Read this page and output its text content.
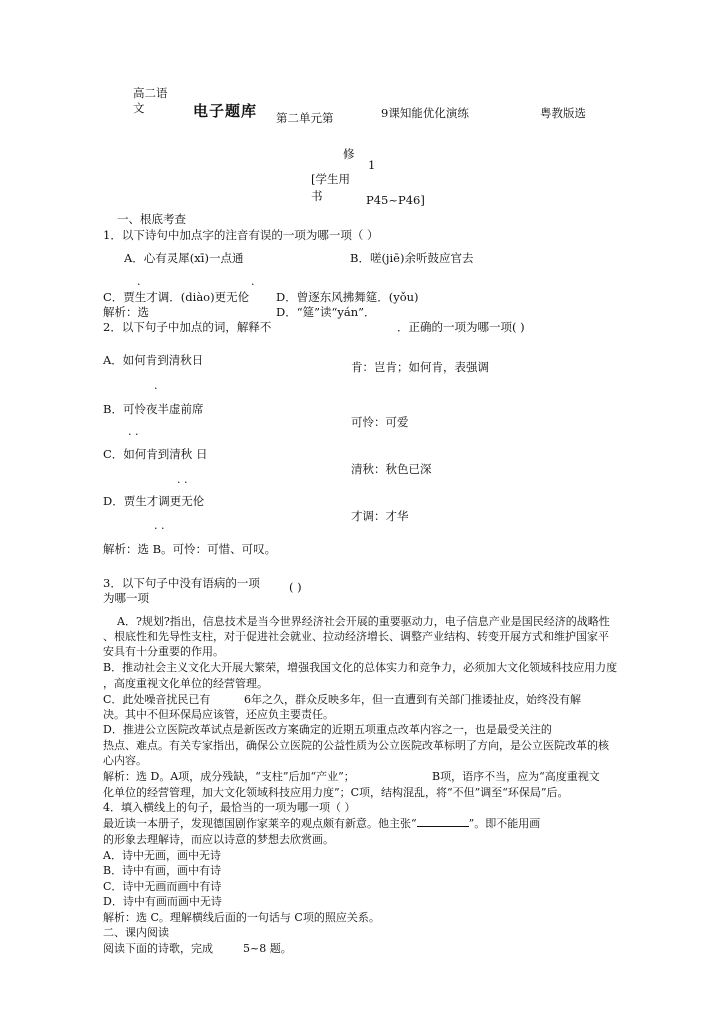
高二语
文	电子题库 第二单元第	9课知能优化演练	粤教版选
修
1
[学生用
书	P45~P46]
一、根底考查
1．以下诗句中加点字的注音有误的一项为哪一项（ ）
A．心有灵犀(xī)一点通	B．嗟(jiē)余听鼓应官去
.	.
C．贾生才调．(diào)更无伦 D．曾逐东风拂舞筵．(yǒu)
解析：选	D．“筵”读“yán”．
2．以下句子中加点的词，解释不	．正确的一项为哪一项( )
A．如何肯到清秋日	肯：岂肯；如何肯，表强调
.
B．可怜夜半虚前席
可怜：可爱
. .
C．如何肯到清秋 日
清秋：秋色已深
. .
D．贾生才调更无伦
才调：才华
. .
解析：选 B。可怜：可惜、可叹。
3．以下句子中没有语病的一项	( )
为哪一项
A．?规划?指出，信息技术是当今世界经济社会开展的重要驱动力，电子信息产业是国民经济的战略性
、根底性和先导性支柱，对于促进社会就业、拉动经济增长、调整产业结构、转变开展方式和维护国家平
安具有十分重要的作用。
B．推动社会主义文化大开展大繁荣，增强我国文化的总体实力和竞争力，必须加大文化领域科技应用力度
，高度重视文化单位的经营管理。
C．此处噪音扰民已有	6年之久，群众反映多年，但一直遭到有关部门推诿扯皮，始终没有解
决。其中不但环保局应该管，还应负主要责任。
D．推进公立医院改革试点是新医改方案确定的近期五项重点改革内容之一，也是最受关注的
热点、难点。有关专家指出，确保公立医院的公益性质为公立医院改革标明了方向，是公立医院改革的核
心内容。
解析：选 D。A项，成分残缺，“支柱”后加“产业”；	B项，语序不当，应为“高度重视文
化单位的经营管理，加大文化领域科技应用力度”；C项，结构混乱，将“不但”调至“环保局”后。
4．填入横线上的句子，最恰当的一项为哪一项（ ）
最近读一本册子，发现德国剧作家莱辛的观点颇有新意。他主张“	”。即不能用画
的形象去理解诗，而应以诗意的梦想去欣赏画。
A．诗中无画，画中无诗
B．诗中有画，画中有诗
C．诗中无画而画中有诗
D．诗中有画而画中无诗
解析：选 C。理解横线后面的一句话与 C项的照应关系。
二、课内阅读
阅读下面的诗歌，完成	5~8 题。
